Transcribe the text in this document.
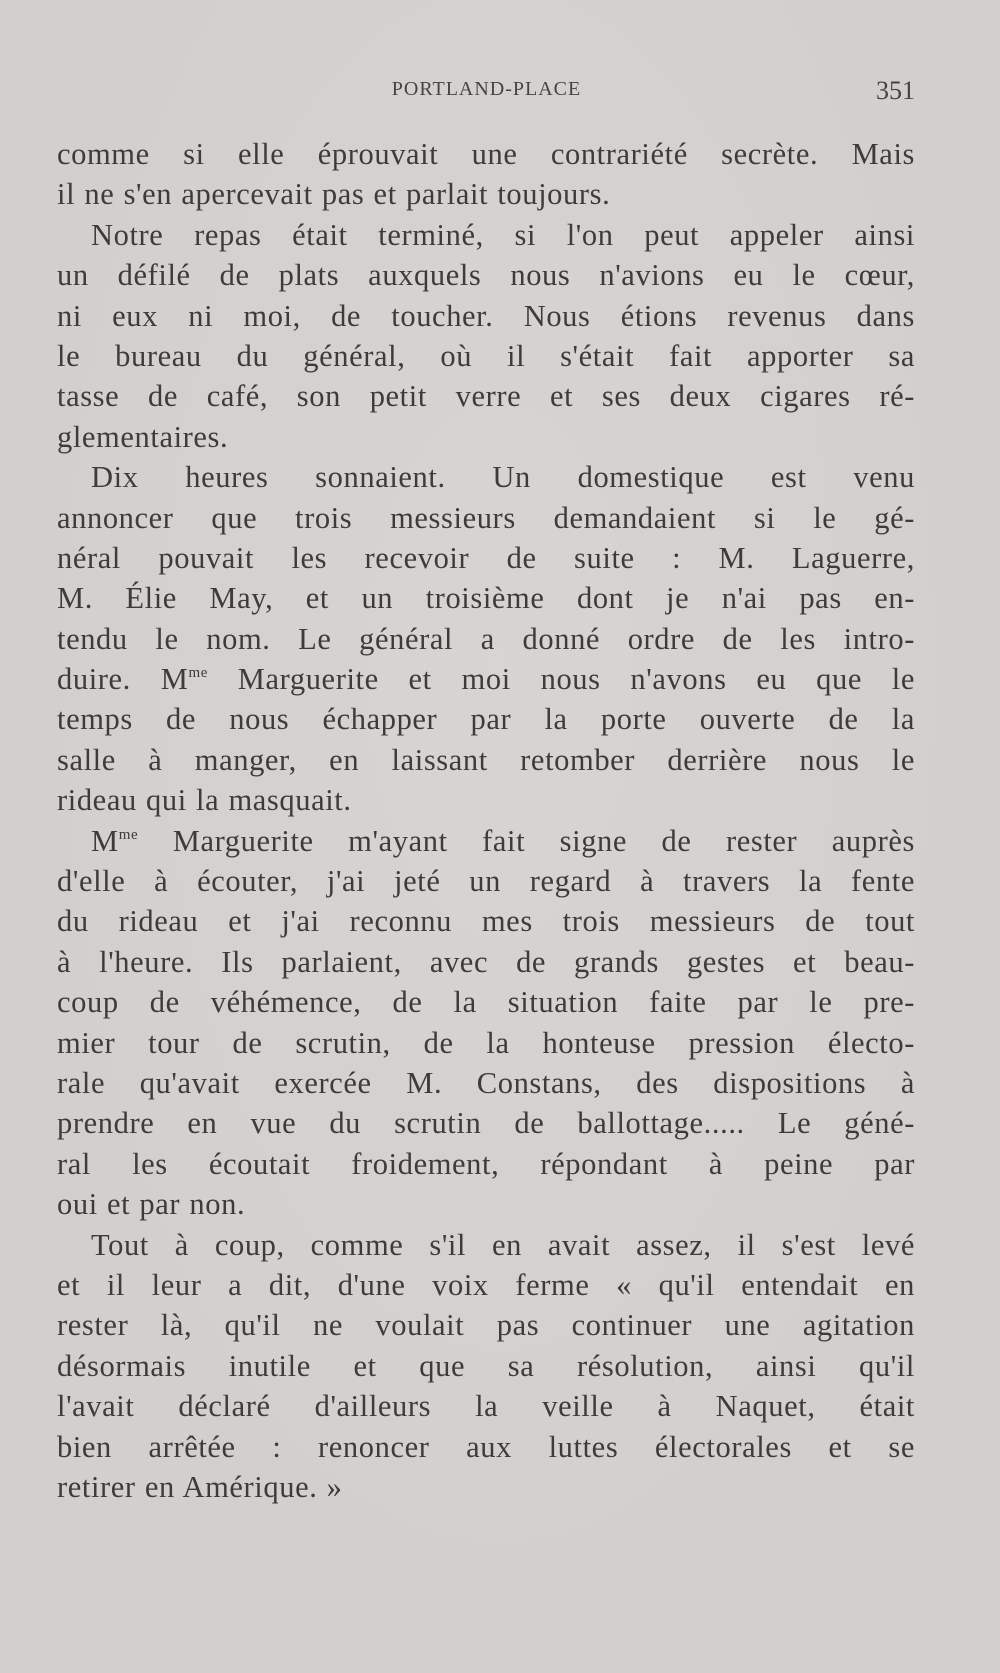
PORTLAND-PLACE	351
comme si elle éprouvait une contrariété secrète. Mais
il ne s'en apercevait pas et parlait toujours.
Notre repas était terminé, si l'on peut appeler ainsi
un défilé de plats auxquels nous n'avions eu le cœur,
ni eux ni moi, de toucher. Nous étions revenus dans
le bureau du général, où il s'était fait apporter sa
tasse de café, son petit verre et ses deux cigares ré-
glementaires.
Dix heures sonnaient. Un domestique est venu
annoncer que trois messieurs demandaient si le gé-
néral pouvait les recevoir de suite : M. Laguerre,
M. Élie May, et un troisième dont je n'ai pas en-
tendu le nom. Le général a donné ordre de les intro-
duire. $M^{me}$ Marguerite et moi nous n'avons eu que le
temps de nous échapper par la porte ouverte de la
salle à manger, en laissant retomber derrière nous le
rideau qui la masquait.
$M^{me}$ Marguerite m'ayant fait signe de rester auprès
d'elle à écouter, j'ai jeté un regard à travers la fente
du rideau et j'ai reconnu mes trois messieurs de tout
à l'heure. Ils parlaient, avec de grands gestes et beau-
coup de véhémence, de la situation faite par le pre-
mier tour de scrutin, de la honteuse pression électo-
rale qu'avait exercée M. Constans, des dispositions à
prendre en vue du scrutin de ballottage..... Le géné-
ral les écoutait froidement, répondant à peine par
oui et par non.
Tout à coup, comme s'il en avait assez, il s'est levé
et il leur a dit, d'une voix ferme « qu'il entendait en
rester là, qu'il ne voulait pas continuer une agitation
désormais inutile et que sa résolution, ainsi qu'il
l'avait déclaré d'ailleurs la veille à Naquet, était
bien arrêtée : renoncer aux luttes électorales et se
retirer en Amérique. »
